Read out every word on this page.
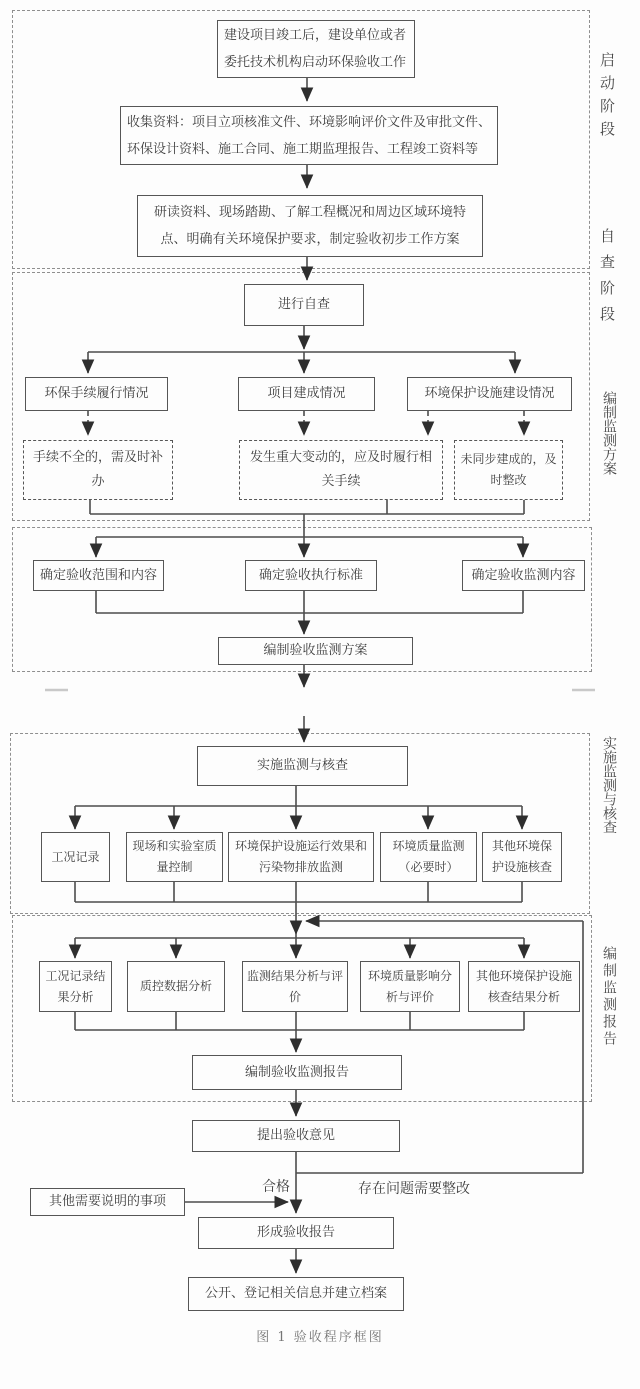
建设项目竣工后，建设单位或者委托技术机构启动环保验收工作
收集资料：项目立项核准文件、环境影响评价文件及审批文件、环保设计资料、施工合同、施工期监理报告、工程竣工资料等
研读资料、现场踏勘、了解工程概况和周边区域环境特点、明确有关环境保护要求，制定验收初步工作方案
进行自查
环保手续履行情况	项目建成情况	环境保护设施建设情况
手续不全的，需及时补办
发生重大变动的，应及时履行相关手续
未同步建成的，及时整改
确定验收范围和内容	确定验收执行标准	确定验收监测内容
编制验收监测方案
实施监测与核查
工况记录
现场和实验室质量控制
环境保护设施运行效果和污染物排放监测
环境质量监测（必要时）
其他环境保护设施核查
工况记录结果分析
质控数据分析
监测结果分析与评价
环境质量影响分析与评价
其他环境保护设施核查结果分析
编制验收监测报告
提出验收意见
其他需要说明的事项
形成验收报告
公开、登记相关信息并建立档案
合格	存在问题需要整改
启动阶段
自查阶段
编制监测方案
实施监测与核查
编制监测报告
图 1 验收程序框图
